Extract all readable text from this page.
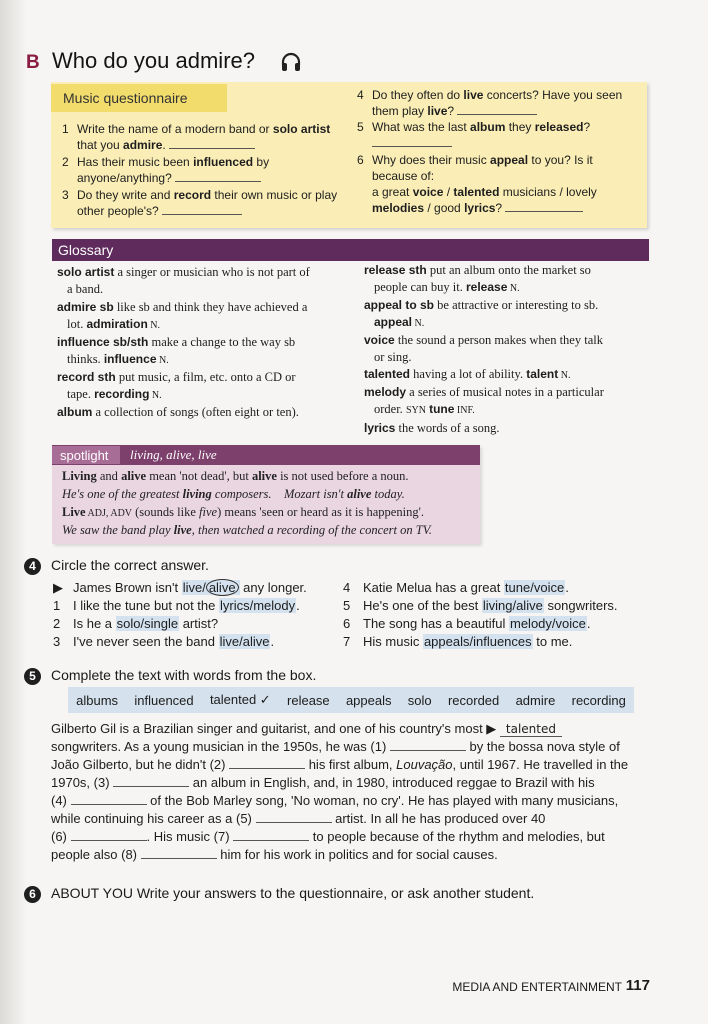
B Who do you admire?
Music questionnaire
1 Write the name of a modern band or solo artist that you admire.
2 Has their music been influenced by anyone/anything?
3 Do they write and record their own music or play other people's?
4 Do they often do live concerts? Have you seen them play live?
5 What was the last album they released?

6 Why does their music appeal to you? Is it because of:
a great voice / talented musicians / lovely melodies / good lyrics?
Glossary
solo artist a singer or musician who is not part of
a band.
admire sb like sb and think they have achieved a
lot. admiration N.
influence sb/sth make a change to the way sb
thinks. influence N.
record sth put music, a film, etc. onto a CD or
tape. recording N.
album a collection of songs (often eight or ten).
release sth put an album onto the market so
people can buy it. release N.
appeal to sb be attractive or interesting to sb.
appeal N.
voice the sound a person makes when they talk
or sing.
talented having a lot of ability. talent N.
melody a series of musical notes in a particular
order. SYN tune INF.
lyrics the words of a song.
spotlight living, alive, live
Living and alive mean 'not dead', but alive is not used before a noun.
He's one of the greatest living composers. Mozart isn't alive today.
Live ADJ, ADV (sounds like five) means 'seen or heard as it is happening'.
We saw the band play live, then watched a recording of the concert on TV.
4	Circle the correct answer.
▶ James Brown isn't live/ alive any longer.
1 I like the tune but not the lyrics/melody.
2 Is he a solo/single artist?
3 I've never seen the band live/alive.
4 Katie Melua has a great tune/voice.
5 He's one of the best living/alive songwriters.
6 The song has a beautiful melody/voice.
7 His music appeals/influences to me.
5	Complete the text with words from the box.
albums influenced talented ✓ release appeals solo recorded admire recording
Gilberto Gil is a Brazilian singer and guitarist, and one of his country's most ▶ talented
songwriters. As a young musician in the 1950s, he was (1)	by the bossa nova style of
João Gilberto, but he didn't (2)	his first album, Louvação, until 1967. He travelled in the
1970s, (3)	an album in English, and, in 1980, introduced reggae to Brazil with his
(4)	of the Bob Marley song, 'No woman, no cry'. He has played with many musicians,
while continuing his career as a (5)	artist. In all he has produced over 40
(6)	. His music (7)	to people because of the rhythm and melodies, but
people also (8)	him for his work in politics and for social causes.
6	ABOUT YOU Write your answers to the questionnaire, or ask another student.
MEDIA AND ENTERTAINMENT 117
